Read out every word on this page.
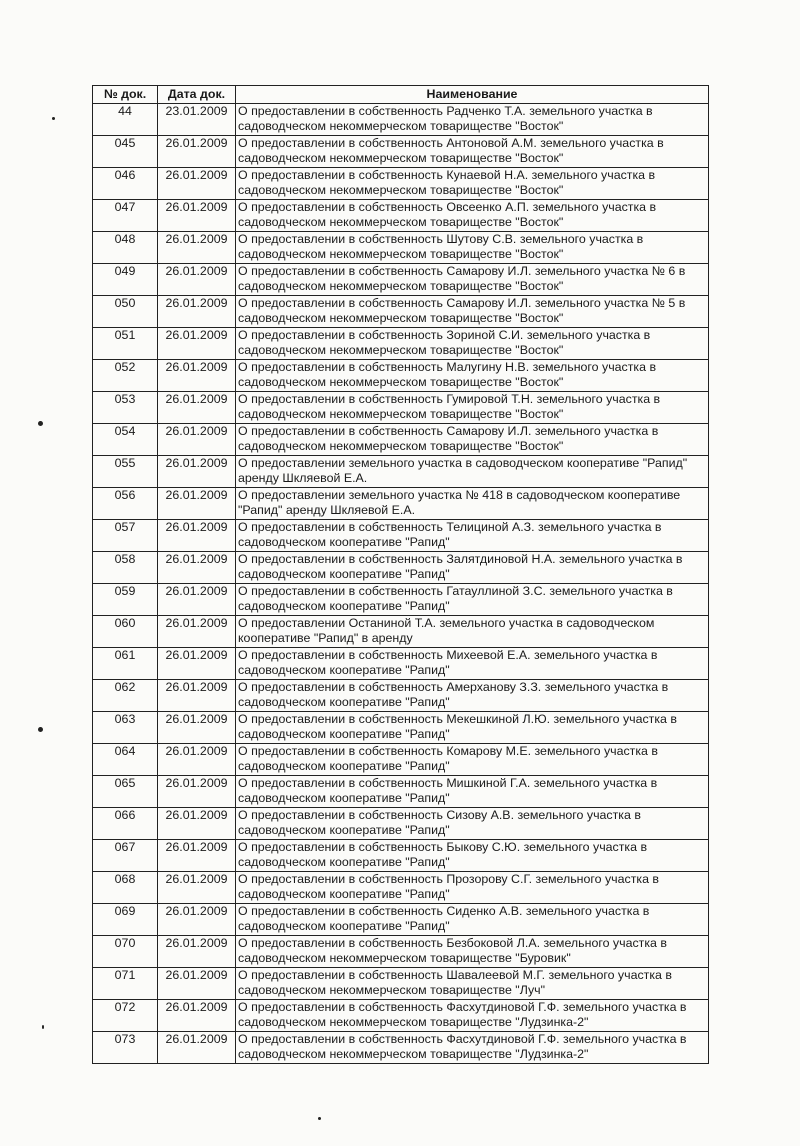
№ док.	Дата док.	Наименование
44	23.01.2009	О предоставлении в собственность Радченко Т.А. земельного участка в садоводческом некоммерческом товариществе "Восток"
045	26.01.2009	О предоставлении в собственность Антоновой А.М. земельного участка в садоводческом некоммерческом товариществе "Восток"
046	26.01.2009	О предоставлении в собственность Кунаевой Н.А. земельного участка в садоводческом некоммерческом товариществе "Восток"
047	26.01.2009	О предоставлении в собственность Овсеенко А.П. земельного участка в садоводческом некоммерческом товариществе "Восток"
048	26.01.2009	О предоставлении в собственность Шутову С.В. земельного участка в садоводческом некоммерческом товариществе "Восток"
049	26.01.2009	О предоставлении в собственность Самарову И.Л. земельного участка № 6 в садоводческом некоммерческом товариществе "Восток"
050	26.01.2009	О предоставлении в собственность Самарову И.Л. земельного участка № 5 в садоводческом некоммерческом товариществе "Восток"
051	26.01.2009	О предоставлении в собственность Зориной С.И. земельного участка в садоводческом некоммерческом товариществе "Восток"
052	26.01.2009	О предоставлении в собственность Малугину Н.В. земельного участка в садоводческом некоммерческом товариществе "Восток"
053	26.01.2009	О предоставлении в собственность Гумировой Т.Н. земельного участка в садоводческом некоммерческом товариществе "Восток"
054	26.01.2009	О предоставлении в собственность Самарову И.Л. земельного участка в садоводческом некоммерческом товариществе "Восток"
055	26.01.2009	О предоставлении земельного участка в садоводческом кооперативе "Рапид" аренду Шкляевой Е.А.
056	26.01.2009	О предоставлении земельного участка № 418 в садоводческом кооперативе "Рапид" аренду Шкляевой Е.А.
057	26.01.2009	О предоставлении в собственность Телициной А.З. земельного участка в садоводческом кооперативе "Рапид"
058	26.01.2009	О предоставлении в собственность Залятдиновой Н.А. земельного участка в садоводческом кооперативе "Рапид"
059	26.01.2009	О предоставлении в собственность Гатауллиной З.С. земельного участка в садоводческом кооперативе "Рапид"
060	26.01.2009	О предоставлении Останиной Т.А. земельного участка в садоводческом кооперативе "Рапид" в аренду
061	26.01.2009	О предоставлении в собственность Михеевой Е.А. земельного участка в садоводческом кооперативе "Рапид"
062	26.01.2009	О предоставлении в собственность Амерханову З.З. земельного участка в садоводческом кооперативе "Рапид"
063	26.01.2009	О предоставлении в собственность Мекешкиной Л.Ю. земельного участка в садоводческом кооперативе "Рапид"
064	26.01.2009	О предоставлении в собственность Комарову М.Е. земельного участка в садоводческом кооперативе "Рапид"
065	26.01.2009	О предоставлении в собственность Мишкиной Г.А. земельного участка в садоводческом кооперативе "Рапид"
066	26.01.2009	О предоставлении в собственность Сизову А.В. земельного участка в садоводческом кооперативе "Рапид"
067	26.01.2009	О предоставлении в собственность Быкову С.Ю. земельного участка в садоводческом кооперативе "Рапид"
068	26.01.2009	О предоставлении в собственность Прозорову С.Г. земельного участка в садоводческом кооперативе "Рапид"
069	26.01.2009	О предоставлении в собственность Сиденко А.В. земельного участка в садоводческом кооперативе "Рапид"
070	26.01.2009	О предоставлении в собственность Безбоковой Л.А. земельного участка в садоводческом некоммерческом товариществе "Буровик"
071	26.01.2009	О предоставлении в собственность Шавалеевой М.Г. земельного участка в садоводческом некоммерческом товариществе "Луч"
072	26.01.2009	О предоставлении в собственность Фасхутдиновой Г.Ф. земельного участка в садоводческом некоммерческом товариществе "Лудзинка-2"
073	26.01.2009	О предоставлении в собственность Фасхутдиновой Г.Ф. земельного участка в садоводческом некоммерческом товариществе "Лудзинка-2"
